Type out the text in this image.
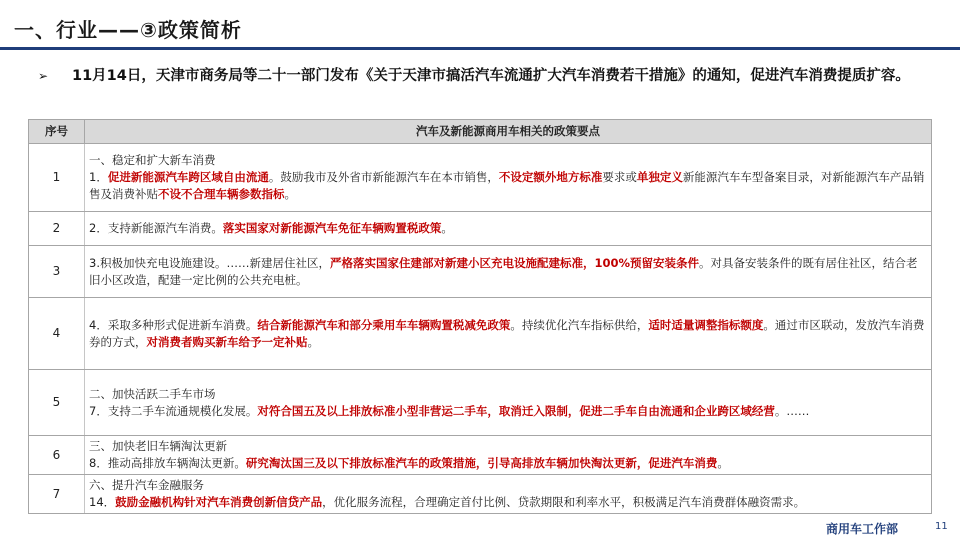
一、行业——③政策简析
➢	11月14日，天津市商务局等二十一部门发布《关于天津市搞活汽车流通扩大汽车消费若干措施》的通知，促进汽车消费提质扩容。
序号	汽车及新能源商用车相关的政策要点
1	一、稳定和扩大新车消费
1．促进新能源汽车跨区域自由流通。鼓励我市及外省市新能源汽车在本市销售，不设定额外地方标准要求或单独定义新能源汽车车型备案目录，对新能源汽车产品销售及消费补贴不设不合理车辆参数指标。
2	2．支持新能源汽车消费。落实国家对新能源汽车免征车辆购置税政策。
3	3.积极加快充电设施建设。……新建居住社区，严格落实国家住建部对新建小区充电设施配建标准，100%预留安装条件。对具备安装条件的既有居住社区，结合老旧小区改造，配建一定比例的公共充电桩。
4	4．采取多种形式促进新车消费。结合新能源汽车和部分乘用车车辆购置税减免政策。持续优化汽车指标供给，适时适量调整指标额度。通过市区联动，发放汽车消费券的方式，对消费者购买新车给予一定补贴。
5	二、加快活跃二手车市场
7．支持二手车流通规模化发展。对符合国五及以上排放标准小型非营运二手车，取消迁入限制，促进二手车自由流通和企业跨区域经营。……
6	三、加快老旧车辆淘汰更新
8．推动高排放车辆淘汰更新。研究淘汰国三及以下排放标准汽车的政策措施，引导高排放车辆加快淘汰更新，促进汽车消费。
7	六、提升汽车金融服务
14．鼓励金融机构针对汽车消费创新信贷产品，优化服务流程，合理确定首付比例、贷款期限和利率水平，积极满足汽车消费群体融资需求。
商用车工作部	11
